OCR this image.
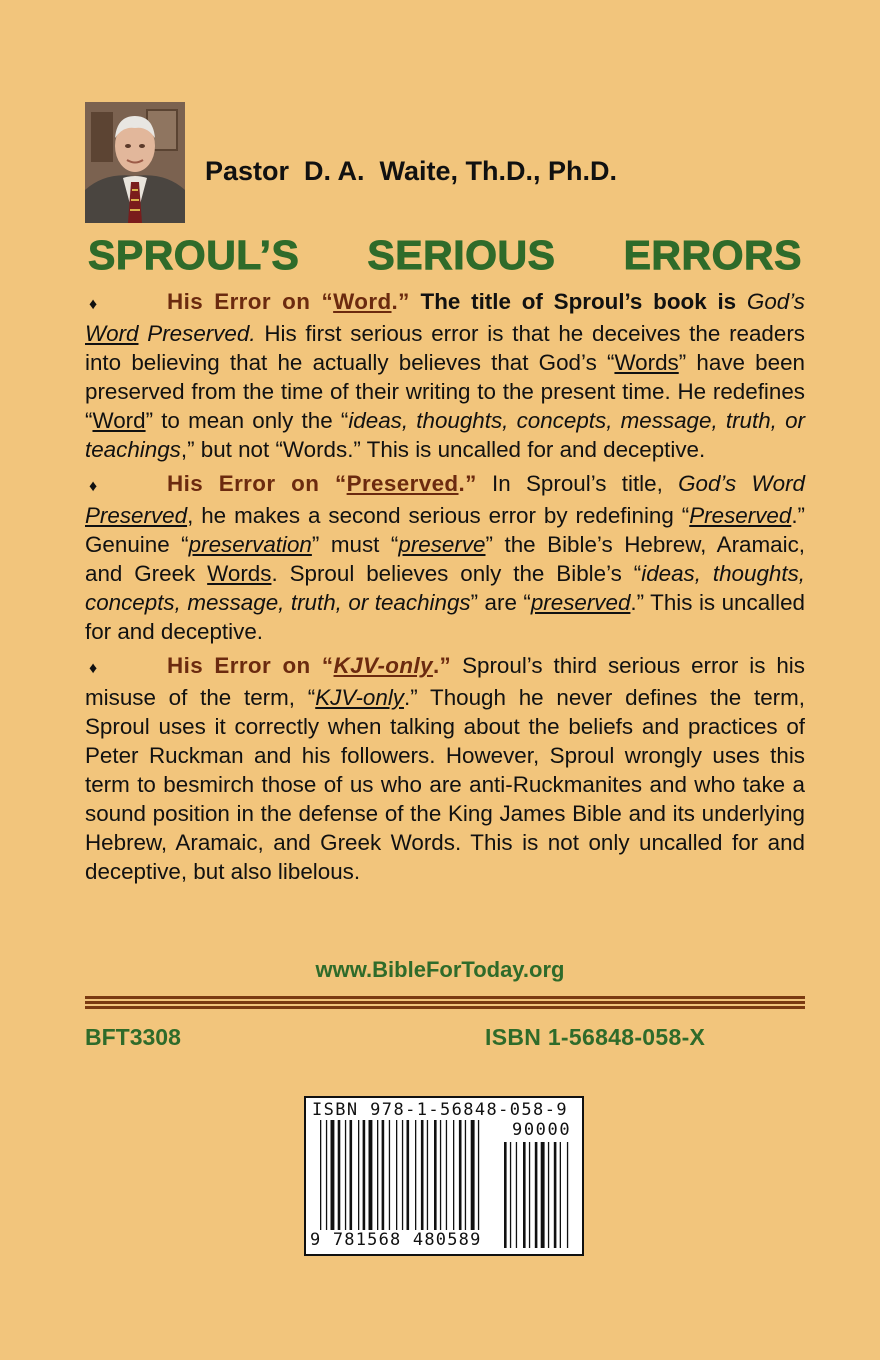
Pastor  D. A.  Waite, Th.D., Ph.D.
SPROUL’S SERIOUS ERRORS

♦	His Error on “Word.” The title of Sproul’s book is God’s Word Preserved. His first serious error is that he deceives the readers into believing that he actually believes that God’s “Words” have been preserved from the time of their writing to the present time. He redefines “Word” to mean only the “ideas, thoughts, concepts, message, truth, or teachings,” but not “Words.” This is uncalled for and deceptive.

♦	His Error on “Preserved.” In Sproul’s title, God’s Word Preserved, he makes a second serious error by redefining “Preserved.” Genuine “preservation” must “preserve” the Bible’s Hebrew, Aramaic, and Greek Words. Sproul believes only the Bible’s “ideas, thoughts, concepts, message, truth, or teachings” are “preserved.” This is uncalled for and deceptive.

♦	His Error on “KJV-only.” Sproul’s third serious error is his misuse of the term, “KJV-only.” Though he never defines the term, Sproul uses it correctly when talking about the beliefs and practices of Peter Ruckman and his followers. However, Sproul wrongly uses this term to besmirch those of us who are anti-Ruckmanites and who take a sound position in the defense of the King James Bible and its underlying Hebrew, Aramaic, and Greek Words. This is not only uncalled for and deceptive, but also libelous.

www.BibleForToday.org
BFT3308	ISBN 1-56848-058-X
ISBN 978-1-56848-058-9
90000
9 781568 480589
